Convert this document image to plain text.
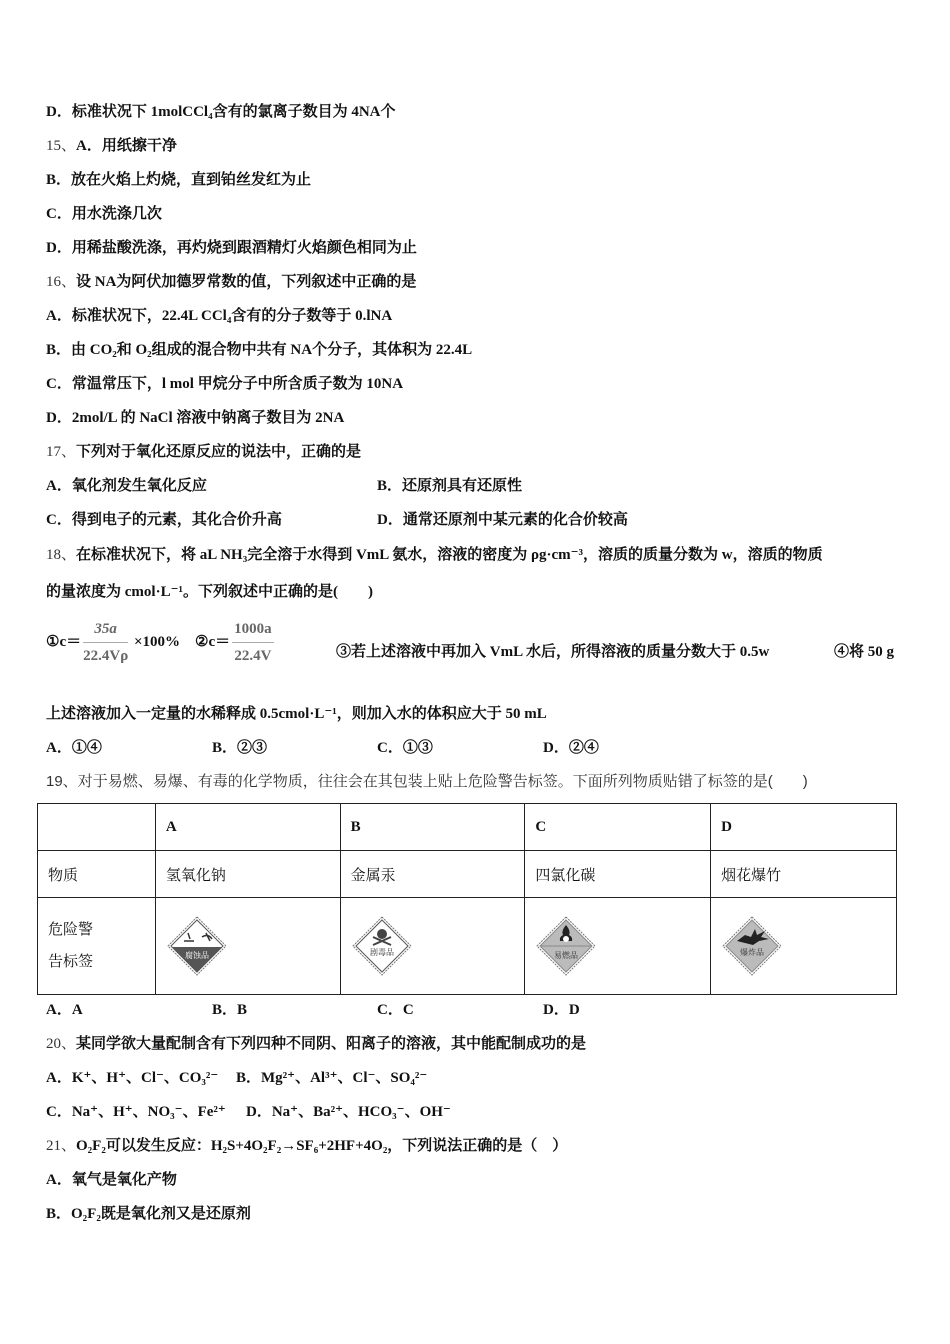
D．标准状况下 1molCCl₄含有的氯离子数目为 4NA个
15、A．用纸擦干净
B．放在火焰上灼烧，直到铂丝发红为止
C．用水洗涤几次
D．用稀盐酸洗涤，再灼烧到跟酒精灯火焰颜色相同为止
16、设 NA为阿伏加德罗常数的值，下列叙述中正确的是
A．标准状况下，22.4L CCl₄含有的分子数等于 0.lNA
B．由 CO₂和 O₂组成的混合物中共有 NA个分子，其体积为 22.4L
C．常温常压下，l mol 甲烷分子中所含质子数为 10NA
D．2mol/L 的 NaCl 溶液中钠离子数目为 2NA
17、下列对于氧化还原反应的说法中，正确的是
A．氧化剂发生氧化反应	B．还原剂具有还原性
C．得到电子的元素，其化合价升高	D．通常还原剂中某元素的化合价较高
18、在标准状况下，将 aL NH₃完全溶于水得到 VmL 氨水，溶液的密度为 ρg·cm⁻³，溶质的质量分数为 w，溶质的物质
的量浓度为 cmol·L⁻¹。下列叙述中正确的是(　　)
①c＝ $\frac{35a}{22.4V\rho} \times 100\%$ ②c＝ $\frac{1000a}{22.4V}$	③若上述溶液中再加入 VmL 水后，所得溶液的质量分数大于 0.5w	④将 50 g
上述溶液加入一定量的水稀释成 0.5cmol·L⁻¹，则加入水的体积应大于 50 mL
A．①④	B．②③	C．①③	D．②④
19、对于易燃、易爆、有毒的化学物质，往往会在其包装上贴上危险警告标签。下面所列物质贴错了标签的是(　　)
	A	B	C	D
物质	氢氧化钠	金属汞	四氯化碳	烟花爆竹

危险警
告标签	腐蚀品	剧毒品	易燃品	爆炸品
A．A	B．B	C．C	D．D
20、某同学欲大量配制含有下列四种不同阴、阳离子的溶液，其中能配制成功的是
A．K⁺、H⁺、Cl⁻、CO₃²⁻ B．Mg²⁺、Al³⁺、Cl⁻、SO₄²⁻
C．Na⁺、H⁺、NO₃⁻、Fe²⁺ D．Na⁺、Ba²⁺、HCO₃⁻、OH⁻
21、O₂F₂可以发生反应：H₂S+4O₂F₂→SF₆+2HF+4O₂，下列说法正确的是（　）
A．氧气是氧化产物
B．O₂F₂既是氧化剂又是还原剂
